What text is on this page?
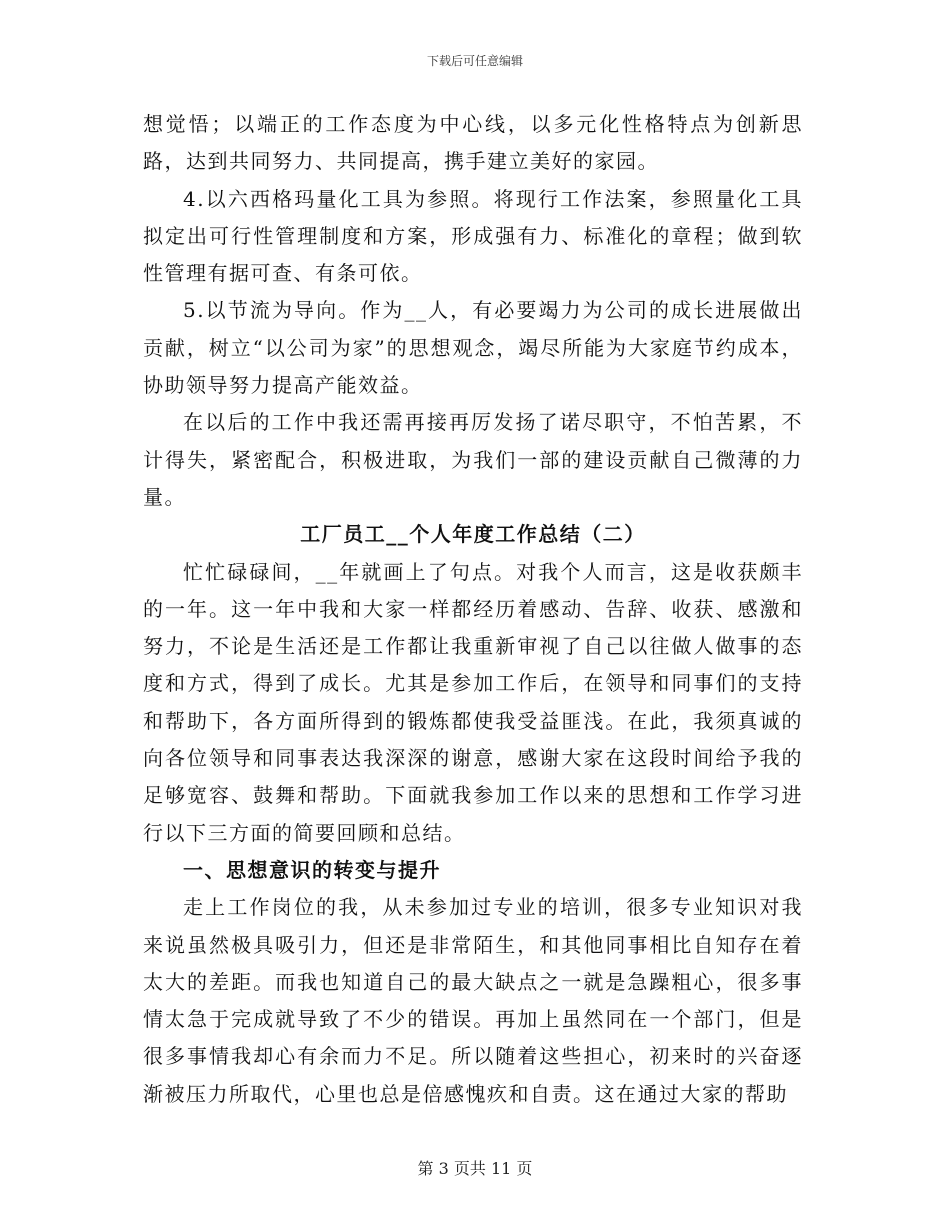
下载后可任意编辑

想觉悟；以端正的工作态度为中心线，以多元化性格特点为创新思路，达到共同努力、共同提高，携手建立美好的家园。

4.以六西格玛量化工具为参照。将现行工作法案，参照量化工具拟定出可行性管理制度和方案，形成强有力、标准化的章程；做到软性管理有据可查、有条可依。

5.以节流为导向。作为__人，有必要竭力为公司的成长进展做出贡献，树立“以公司为家”的思想观念，竭尽所能为大家庭节约成本，协助领导努力提高产能效益。

在以后的工作中我还需再接再厉发扬了诺尽职守，不怕苦累，不计得失，紧密配合，积极进取，为我们一部的建设贡献自己微薄的力量。

工厂员工__个人年度工作总结（二）

忙忙碌碌间，__年就画上了句点。对我个人而言，这是收获颇丰的一年。这一年中我和大家一样都经历着感动、告辞、收获、感激和努力，不论是生活还是工作都让我重新审视了自己以往做人做事的态度和方式，得到了成长。尤其是参加工作后，在领导和同事们的支持和帮助下，各方面所得到的锻炼都使我受益匪浅。在此，我须真诚的向各位领导和同事表达我深深的谢意，感谢大家在这段时间给予我的足够宽容、鼓舞和帮助。下面就我参加工作以来的思想和工作学习进行以下三方面的简要回顾和总结。

一、思想意识的转变与提升

走上工作岗位的我，从未参加过专业的培训，很多专业知识对我来说虽然极具吸引力，但还是非常陌生，和其他同事相比自知存在着太大的差距。而我也知道自己的最大缺点之一就是急躁粗心，很多事情太急于完成就导致了不少的错误。再加上虽然同在一个部门，但是很多事情我却心有余而力不足。所以随着这些担心，初来时的兴奋逐渐被压力所取代，心里也总是倍感愧疚和自责。这在通过大家的帮助

第 3 页共 11 页
